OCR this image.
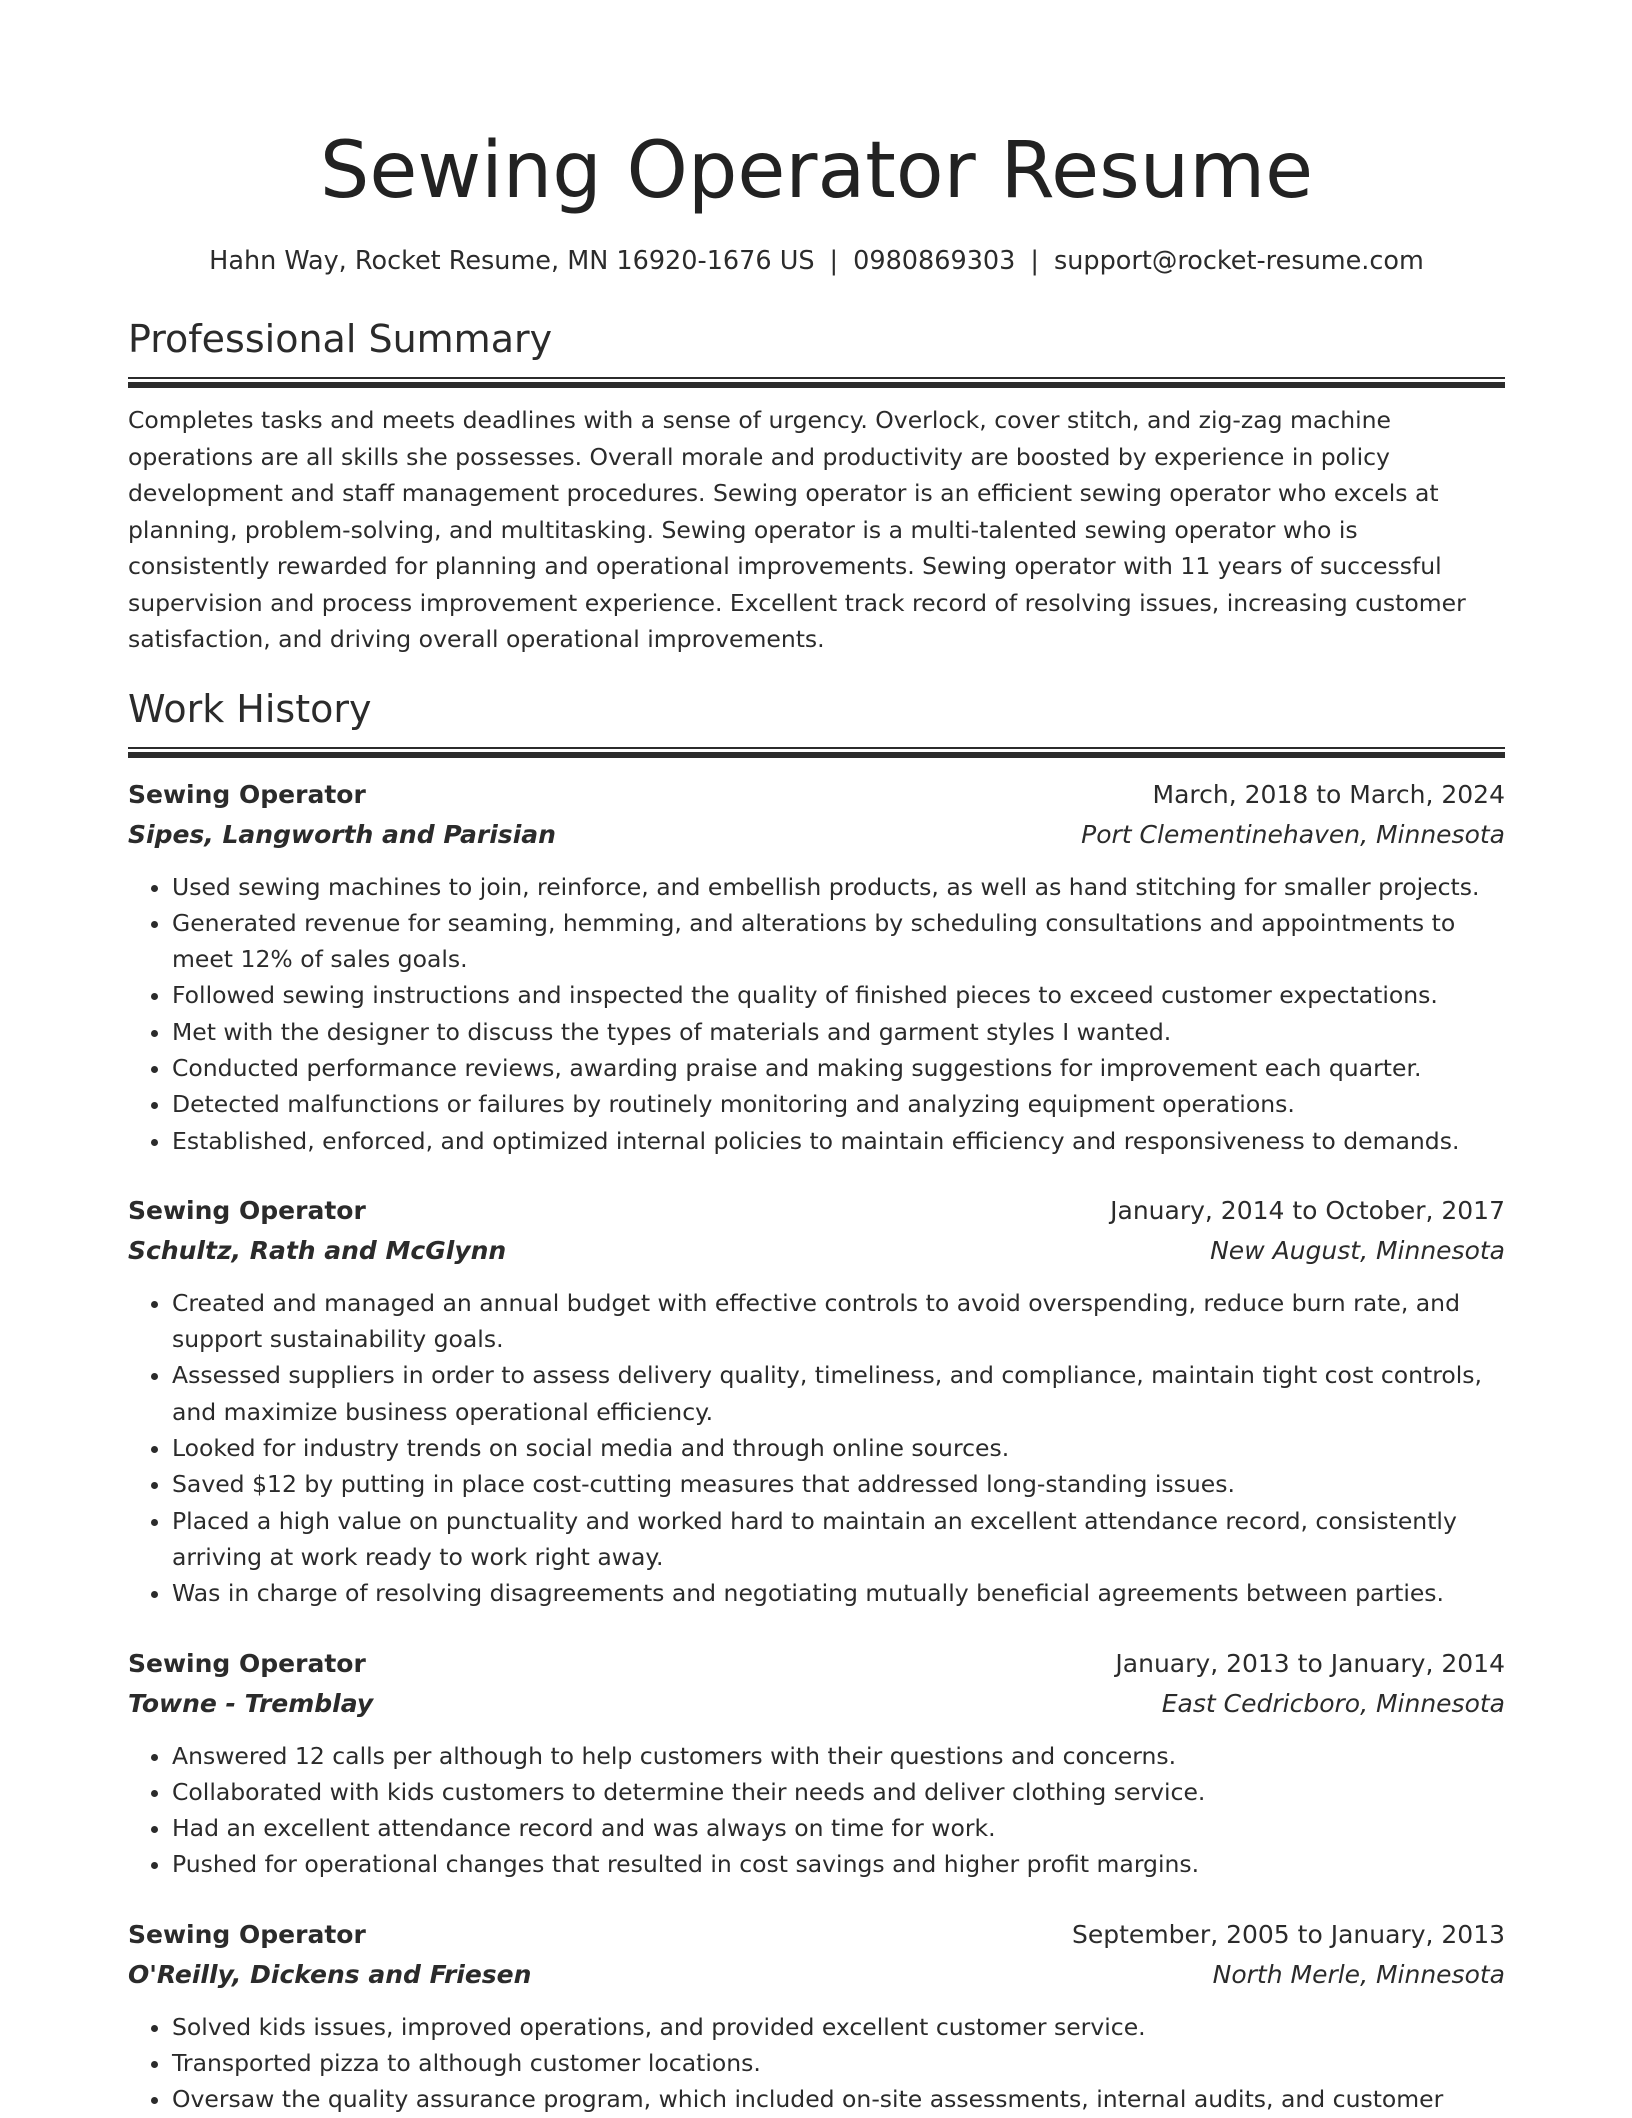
Sewing Operator Resume
Hahn Way, Rocket Resume, MN 16920-1676 US | 0980869303 | support@rocket-resume.com
Professional Summary
Completes tasks and meets deadlines with a sense of urgency. Overlock, cover stitch, and zig-zag machine operations are all skills she possesses. Overall morale and productivity are boosted by experience in policy development and staff management procedures. Sewing operator is an efficient sewing operator who excels at planning, problem-solving, and multitasking. Sewing operator is a multi-talented sewing operator who is consistently rewarded for planning and operational improvements. Sewing operator with 11 years of successful supervision and process improvement experience. Excellent track record of resolving issues, increasing customer satisfaction, and driving overall operational improvements.
Work History
Sewing Operator	March, 2018 to March, 2024
Sipes, Langworth and Parisian	Port Clementinehaven, Minnesota
• Used sewing machines to join, reinforce, and embellish products, as well as hand stitching for smaller projects.
• Generated revenue for seaming, hemming, and alterations by scheduling consultations and appointments to meet 12% of sales goals.
• Followed sewing instructions and inspected the quality of finished pieces to exceed customer expectations.
• Met with the designer to discuss the types of materials and garment styles I wanted.
• Conducted performance reviews, awarding praise and making suggestions for improvement each quarter.
• Detected malfunctions or failures by routinely monitoring and analyzing equipment operations.
• Established, enforced, and optimized internal policies to maintain efficiency and responsiveness to demands.
Sewing Operator	January, 2014 to October, 2017
Schultz, Rath and McGlynn	New August, Minnesota
• Created and managed an annual budget with effective controls to avoid overspending, reduce burn rate, and support sustainability goals.
• Assessed suppliers in order to assess delivery quality, timeliness, and compliance, maintain tight cost controls, and maximize business operational efficiency.
• Looked for industry trends on social media and through online sources.
• Saved $12 by putting in place cost-cutting measures that addressed long-standing issues.
• Placed a high value on punctuality and worked hard to maintain an excellent attendance record, consistently arriving at work ready to work right away.
• Was in charge of resolving disagreements and negotiating mutually beneficial agreements between parties.
Sewing Operator	January, 2013 to January, 2014
Towne - Tremblay	East Cedricboro, Minnesota
• Answered 12 calls per although to help customers with their questions and concerns.
• Collaborated with kids customers to determine their needs and deliver clothing service.
• Had an excellent attendance record and was always on time for work.
• Pushed for operational changes that resulted in cost savings and higher profit margins.
Sewing Operator	September, 2005 to January, 2013
O'Reilly, Dickens and Friesen	North Merle, Minnesota
• Solved kids issues, improved operations, and provided excellent customer service.
• Transported pizza to although customer locations.
• Oversaw the quality assurance program, which included on-site assessments, internal audits, and customer
